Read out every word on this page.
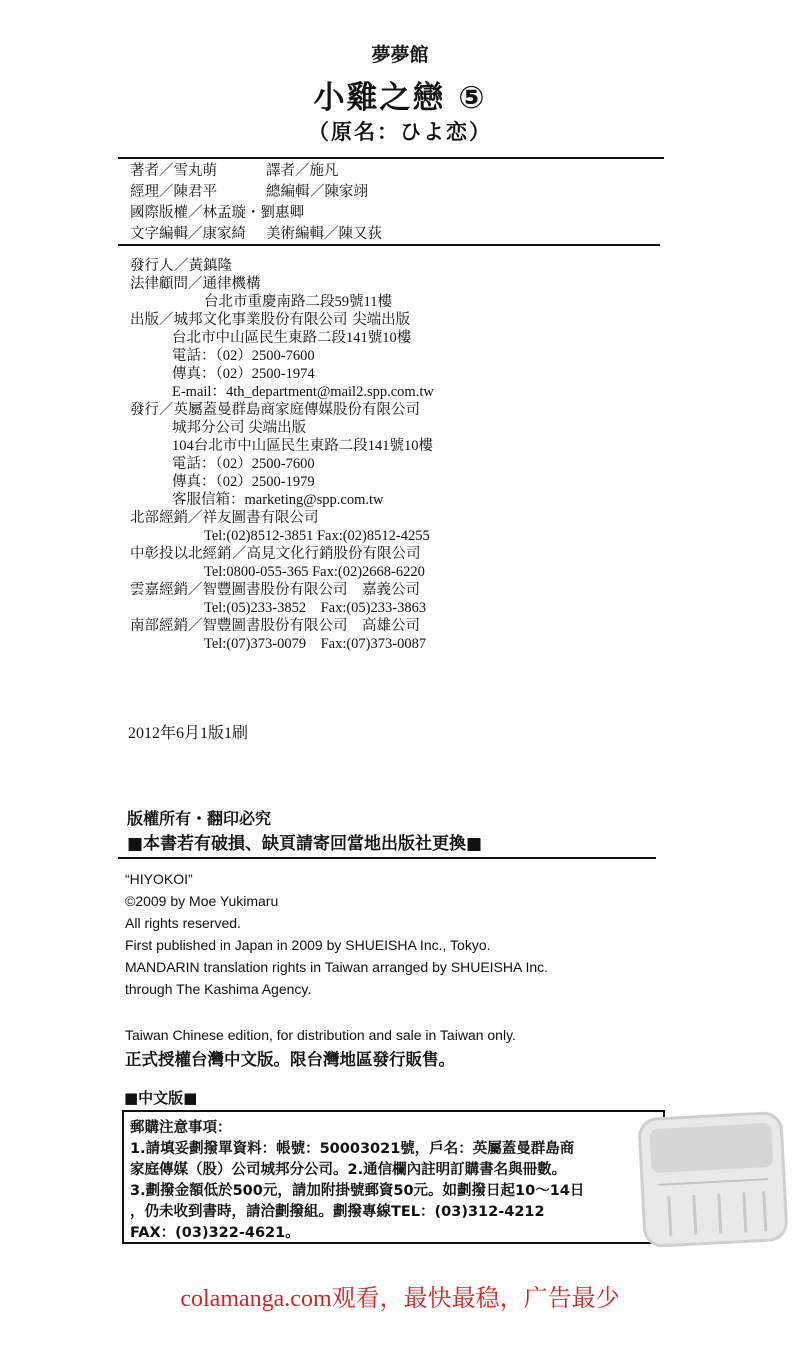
夢夢館
小雞之戀 ⑤
（原名：ひよ恋）
著者 ／雪丸萌	譯者 ／施凡
經理 ／陳君平	總編輯 ／陳家翊
國際版權 ／林孟璇・劉惠卿
文字編輯 ／康家綺 美術編輯 ／陳又荻
發行人 ／黃鎮隆
法律顧問 ／通律機構
台北市重慶南路二段59號11樓
出版 ／城邦文化事業股份有限公司 尖端出版
台北市中山區民生東路二段141號10樓
電話：（02）2500-7600
傳真：（02）2500-1974
E-mail：4th_department@mail2.spp.com.tw
發行 ／英屬蓋曼群島商家庭傳媒股份有限公司
城邦分公司 尖端出版
104台北市中山區民生東路二段141號10樓
電話：（02）2500-7600
傳真：（02）2500-1979
客服信箱：marketing@spp.com.tw
北部經銷 ／祥友圖書有限公司
Tel:(02)8512-3851 Fax:(02)8512-4255
中彰投以北經銷 ／高見文化行銷股份有限公司
Tel:0800-055-365 Fax:(02)2668-6220
雲嘉經銷 ／智豐圖書股份有限公司　嘉義公司
Tel:(05)233-3852　Fax:(05)233-3863
南部經銷 ／智豐圖書股份有限公司　高雄公司
Tel:(07)373-0079　Fax:(07)373-0087
2012年6月1版1刷
版權所有・翻印必究
■本書若有破損、缺頁請寄回當地出版社更換■
“HIYOKOI”
©2009 by Moe Yukimaru
All rights reserved.
First published in Japan in 2009 by SHUEISHA Inc., Tokyo.
MANDARIN translation rights in Taiwan arranged by SHUEISHA Inc.
through The Kashima Agency.
Taiwan Chinese edition, for distribution and sale in Taiwan only.
正式授權台灣中文版。限台灣地區發行販售。
■中文版■
郵購注意事項：
1.請填妥劃撥單資料：帳號：50003021號，戶名：英屬蓋曼群島商
家庭傳媒（股）公司城邦分公司。2.通信欄內註明訂購書名與冊數。
3.劃撥金額低於500元，請加附掛號郵資50元。如劃撥日起10～14日
，仍未收到書時，請洽劃撥組。劃撥專線TEL：(03)312-4212
FAX：(03)322-4621。
colamanga.com观看，最快最稳，广告最少
